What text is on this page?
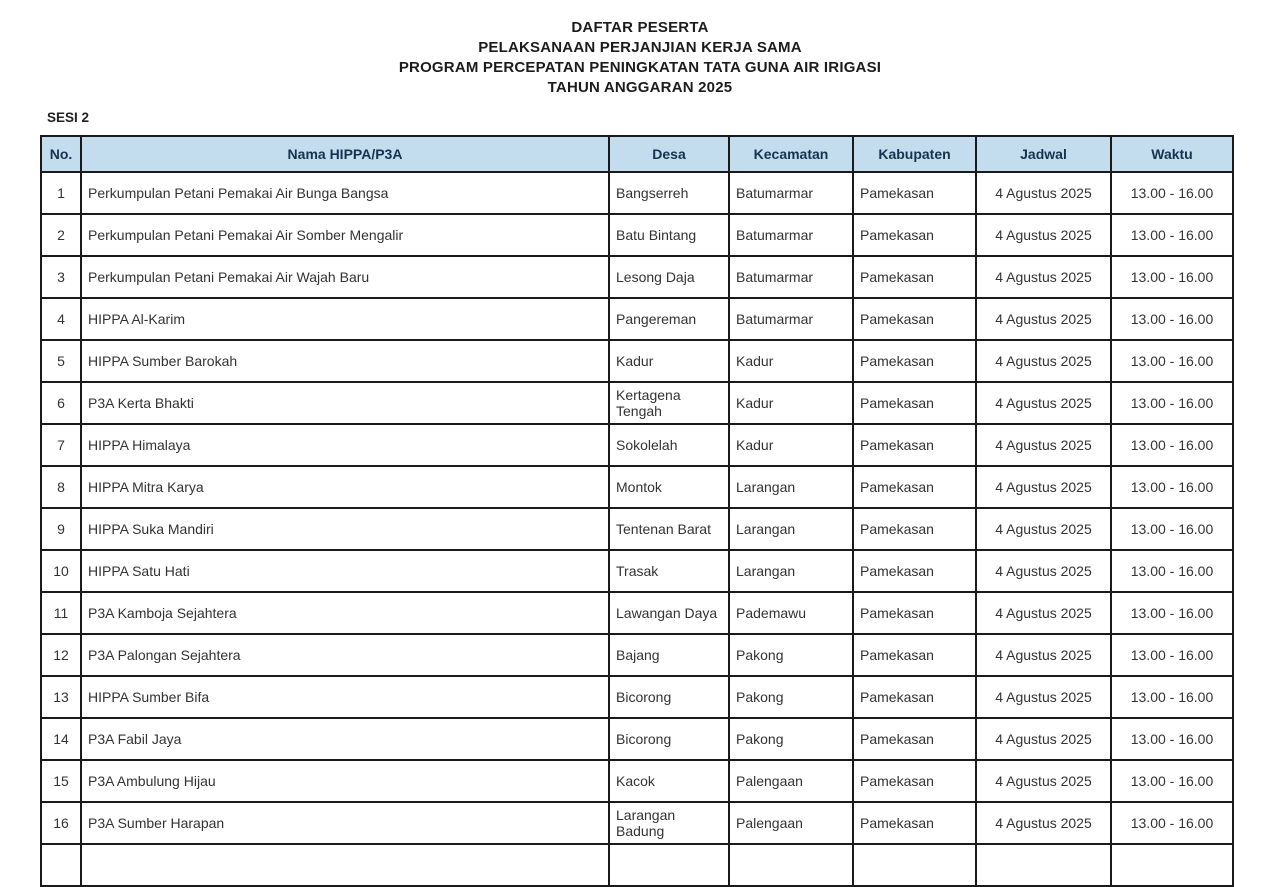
DAFTAR PESERTA
PELAKSANAAN PERJANJIAN KERJA SAMA
PROGRAM PERCEPATAN PENINGKATAN TATA GUNA AIR IRIGASI
TAHUN ANGGARAN 2025
SESI 2
No.	Nama HIPPA/P3A	Desa	Kecamatan	Kabupaten	Jadwal	Waktu
1	Perkumpulan Petani Pemakai Air Bunga Bangsa	Bangserreh	Batumarmar	Pamekasan	4 Agustus 2025	13.00 - 16.00
2	Perkumpulan Petani Pemakai Air Somber Mengalir	Batu Bintang	Batumarmar	Pamekasan	4 Agustus 2025	13.00 - 16.00
3	Perkumpulan Petani Pemakai Air Wajah Baru	Lesong Daja	Batumarmar	Pamekasan	4 Agustus 2025	13.00 - 16.00
4	HIPPA Al-Karim	Pangereman	Batumarmar	Pamekasan	4 Agustus 2025	13.00 - 16.00
5	HIPPA Sumber Barokah	Kadur	Kadur	Pamekasan	4 Agustus 2025	13.00 - 16.00
6	P3A Kerta Bhakti	Kertagena Tengah	Kadur	Pamekasan	4 Agustus 2025	13.00 - 16.00
7	HIPPA Himalaya	Sokolelah	Kadur	Pamekasan	4 Agustus 2025	13.00 - 16.00
8	HIPPA Mitra Karya	Montok	Larangan	Pamekasan	4 Agustus 2025	13.00 - 16.00
9	HIPPA Suka Mandiri	Tentenan Barat	Larangan	Pamekasan	4 Agustus 2025	13.00 - 16.00
10	HIPPA Satu Hati	Trasak	Larangan	Pamekasan	4 Agustus 2025	13.00 - 16.00
11	P3A Kamboja Sejahtera	Lawangan Daya	Pademawu	Pamekasan	4 Agustus 2025	13.00 - 16.00
12	P3A Palongan Sejahtera	Bajang	Pakong	Pamekasan	4 Agustus 2025	13.00 - 16.00
13	HIPPA Sumber Bifa	Bicorong	Pakong	Pamekasan	4 Agustus 2025	13.00 - 16.00
14	P3A Fabil Jaya	Bicorong	Pakong	Pamekasan	4 Agustus 2025	13.00 - 16.00
15	P3A Ambulung Hijau	Kacok	Palengaan	Pamekasan	4 Agustus 2025	13.00 - 16.00
16	P3A Sumber Harapan	Larangan Badung	Palengaan	Pamekasan	4 Agustus 2025	13.00 - 16.00
